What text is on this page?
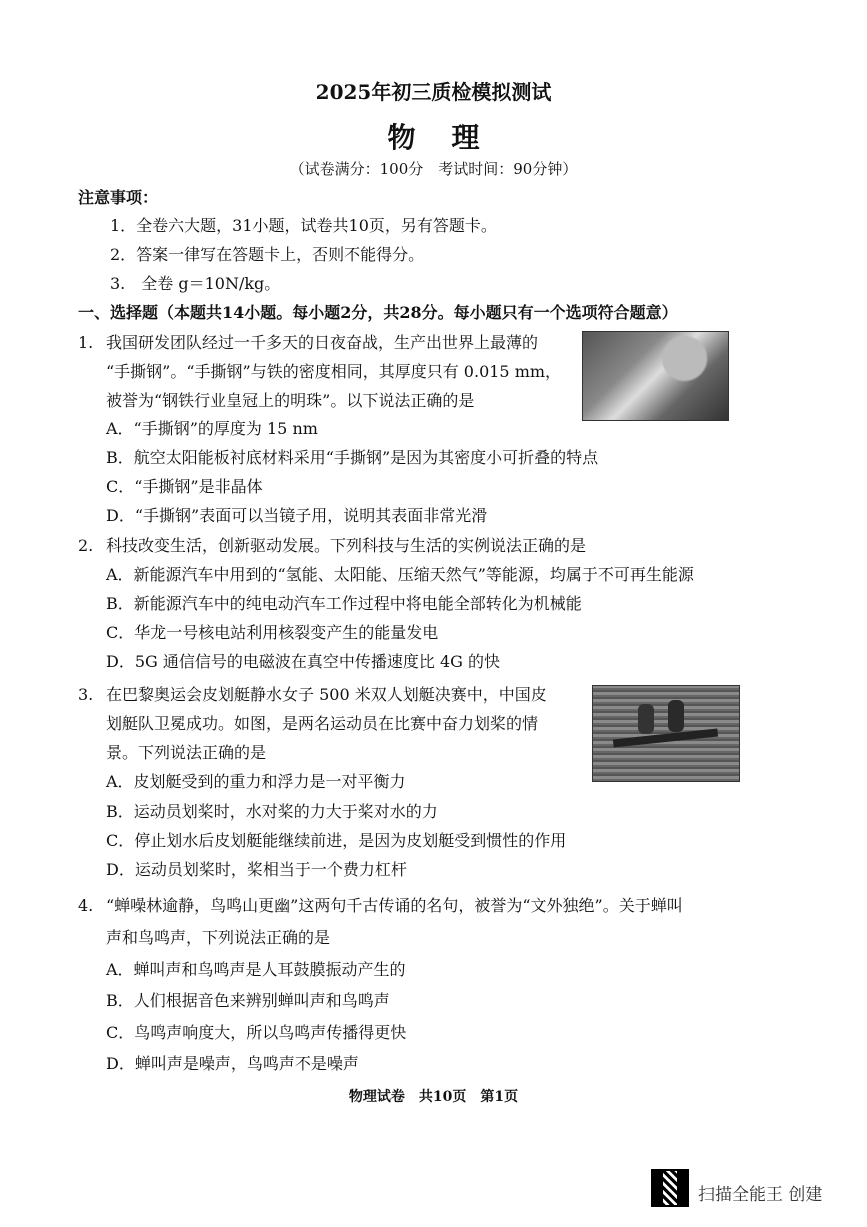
2025年初三质检模拟测试
物理
（试卷满分：100分　考试时间：90分钟）
注意事项：
1．全卷六大题，31小题，试卷共10页，另有答题卡。
2．答案一律写在答题卡上，否则不能得分。
3.　全卷 g＝10N/kg。
一、选择题（本题共14小题。每小题2分，共28分。每小题只有一个选项符合题意）
1. 我国研发团队经过一千多天的日夜奋战，生产出世界上最薄的
“手撕钢”。“手撕钢”与铁的密度相同，其厚度只有 0.015 mm，
被誉为“钢铁行业皇冠上的明珠”。以下说法正确的是
A．“手撕钢”的厚度为 15 nm
B．航空太阳能板衬底材料采用“手撕钢”是因为其密度小可折叠的特点
C．“手撕钢”是非晶体
D．“手撕钢”表面可以当镜子用，说明其表面非常光滑
2. 科技改变生活，创新驱动发展。下列科技与生活的实例说法正确的是
A．新能源汽车中用到的“氢能、太阳能、压缩天然气”等能源，均属于不可再生能源
B．新能源汽车中的纯电动汽车工作过程中将电能全部转化为机械能
C．华龙一号核电站利用核裂变产生的能量发电
D．5G 通信信号的电磁波在真空中传播速度比 4G 的快
3. 在巴黎奥运会皮划艇静水女子 500 米双人划艇决赛中，中国皮
划艇队卫冕成功。如图，是两名运动员在比赛中奋力划桨的情
景。下列说法正确的是
A．皮划艇受到的重力和浮力是一对平衡力
B．运动员划桨时，水对桨的力大于桨对水的力
C．停止划水后皮划艇能继续前进，是因为皮划艇受到惯性的作用
D．运动员划桨时，桨相当于一个费力杠杆
4. “蝉噪林逾静，鸟鸣山更幽”这两句千古传诵的名句，被誉为“文外独绝”。关于蝉叫
声和鸟鸣声，下列说法正确的是
A．蝉叫声和鸟鸣声是人耳鼓膜振动产生的
B．人们根据音色来辨别蝉叫声和鸟鸣声
C．鸟鸣声响度大，所以鸟鸣声传播得更快
D．蝉叫声是噪声，鸟鸣声不是噪声
物理试卷　共10页　第1页
扫描全能王 创建
